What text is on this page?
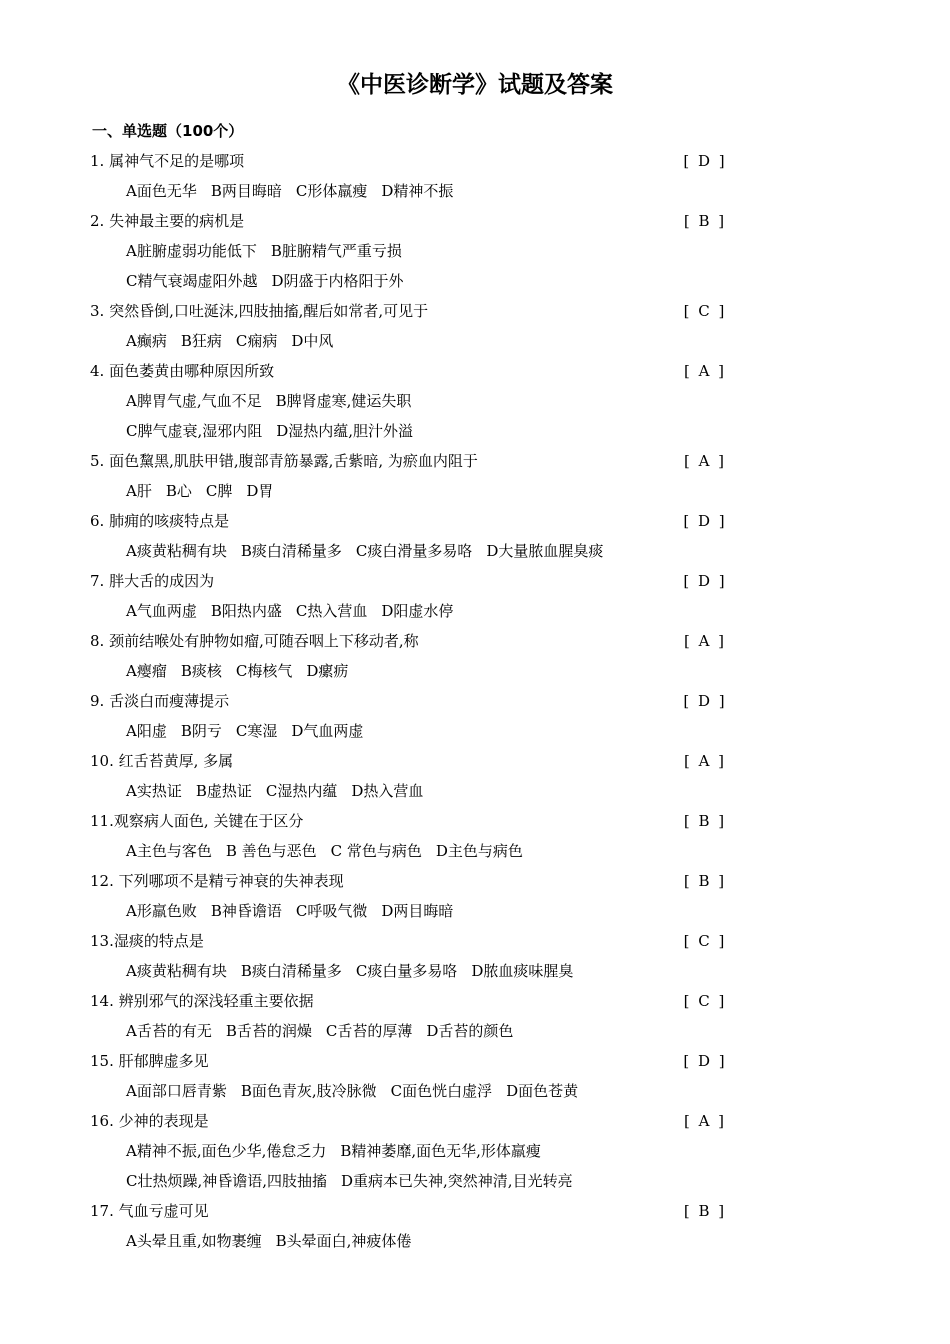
《中医诊断学》试题及答案
一、单选题（100个）
1. 属神气不足的是哪项	[ D ]
A面色无华 B两目晦暗 C形体羸瘦 D精神不振
2. 失神最主要的病机是	[ B ]
A脏腑虚弱功能低下 B脏腑精气严重亏损
C精气衰竭虚阳外越 D阴盛于内格阳于外
3. 突然昏倒,口吐涎沫,四肢抽搐,醒后如常者,可见于	[ C ]
A癫病 B狂病 C痫病 D中风
4. 面色萎黄由哪种原因所致	[ A ]
A脾胃气虚,气血不足 B脾肾虚寒,健运失职
C脾气虚衰,湿邪内阻 D湿热内蕴,胆汁外溢
5. 面色黧黑,肌肤甲错,腹部青筋暴露,舌紫暗, 为瘀血内阻于	[ A ]
A肝 B心 C脾 D胃
6. 肺痈的咳痰特点是	[ D ]
A痰黄粘稠有块 B痰白清稀量多 C痰白滑量多易咯 D大量脓血腥臭痰
7. 胖大舌的成因为	[ D ]
A气血两虚 B阳热内盛 C热入营血 D阳虚水停
8. 颈前结喉处有肿物如瘤,可随吞咽上下移动者,称	[ A ]
A瘿瘤 B痰核 C梅核气 D瘰疬
9. 舌淡白而瘦薄提示	[ D ]
A阳虚 B阴亏 C寒湿 D气血两虚
10. 红舌苔黄厚, 多属	[ A ]
A实热证 B虚热证 C湿热内蕴 D热入营血
11.观察病人面色, 关键在于区分	[ B ]
A主色与客色 B 善色与恶色 C 常色与病色 D主色与病色
12. 下列哪项不是精亏神衰的失神表现	[ B ]
A形羸色败 B神昏谵语 C呼吸气微 D两目晦暗
13.湿痰的特点是	[ C ]
A痰黄粘稠有块 B痰白清稀量多 C痰白量多易咯 D脓血痰味腥臭
14. 辨别邪气的深浅轻重主要依据	[ C ]
A舌苔的有无 B舌苔的润燥 C舌苔的厚薄 D舌苔的颜色
15. 肝郁脾虚多见	[ D ]
A面部口唇青紫 B面色青灰,肢冷脉微 C面色恍白虚浮 D面色苍黄
16. 少神的表现是	[ A ]
A精神不振,面色少华,倦怠乏力 B精神萎靡,面色无华,形体羸瘦
C壮热烦躁,神昏谵语,四肢抽搐 D重病本已失神,突然神清,目光转亮
17. 气血亏虚可见	[ B ]
A头晕且重,如物裹缠 B头晕面白,神疲体倦
